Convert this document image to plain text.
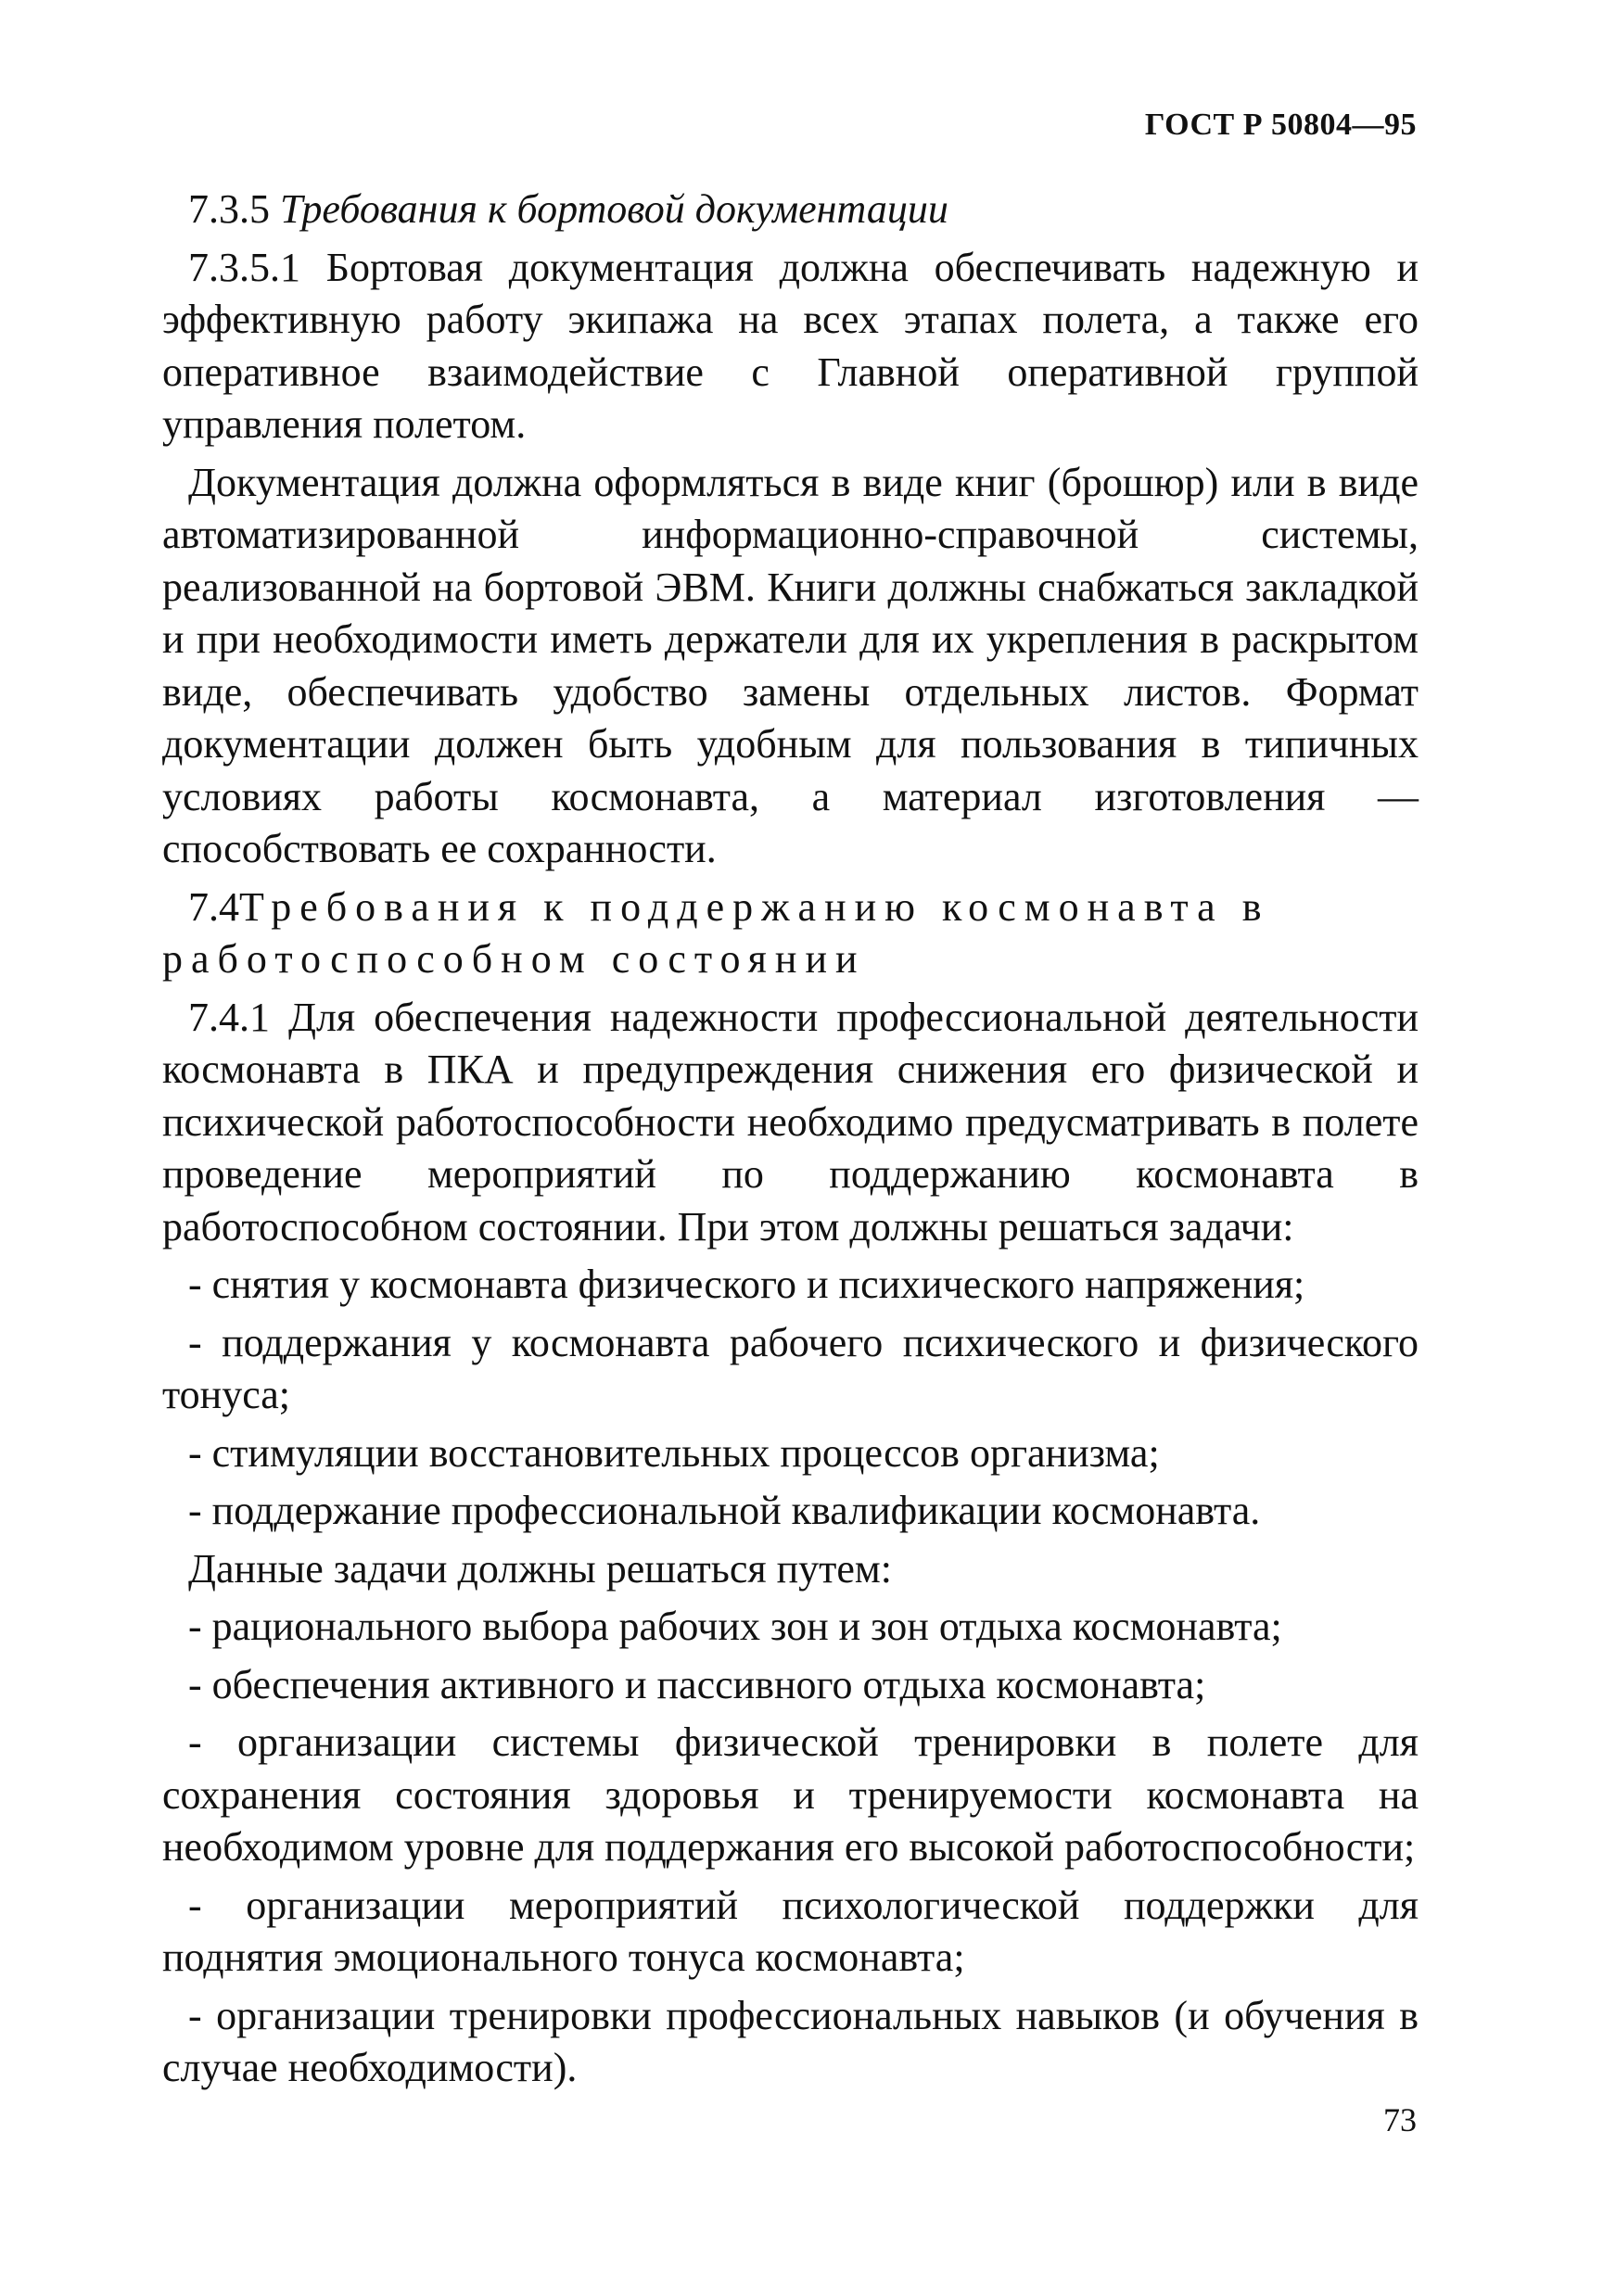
ГОСТ Р 50804—95

7.3.5 Требования к бортовой документации

7.3.5.1 Бортовая документация должна обеспечивать надежную и эффективную работу экипажа на всех этапах полета, а также его оперативное взаимодействие с Главной оперативной группой управления полетом.

Документация должна оформляться в виде книг (брошюр) или в виде автоматизированной информационно-справочной системы, реализованной на бортовой ЭВМ. Книги должны снабжаться закладкой и при необходимости иметь держатели для их укрепления в раскрытом виде, обеспечивать удобство замены отдельных листов. Формат документации должен быть удобным для пользования в типичных условиях работы космонавта, а материал изготовления — способствовать ее сохранности.

7.4Требования к поддержанию космонавта в работоспособном состоянии

7.4.1 Для обеспечения надежности профессиональной деятельности космонавта в ПКА и предупреждения снижения его физической и психической работоспособности необходимо предусматривать в полете проведение мероприятий по поддержанию космонавта в работоспособном состоянии. При этом должны решаться задачи:

- снятия у космонавта физического и психического напряжения;

- поддержания у космонавта рабочего психического и физического тонуса;

- стимуляции восстановительных процессов организма;

- поддержание профессиональной квалификации космонавта.

Данные задачи должны решаться путем:

- рационального выбора рабочих зон и зон отдыха космонавта;

- обеспечения активного и пассивного отдыха космонавта;

- организации системы физической тренировки в полете для сохранения состояния здоровья и тренируемости космонавта на необходимом уровне для поддержания его высокой работоспособности;

- организации мероприятий психологической поддержки для поднятия эмоционального тонуса космонавта;

- организации тренировки профессиональных навыков (и обучения в случае необходимости).

73
